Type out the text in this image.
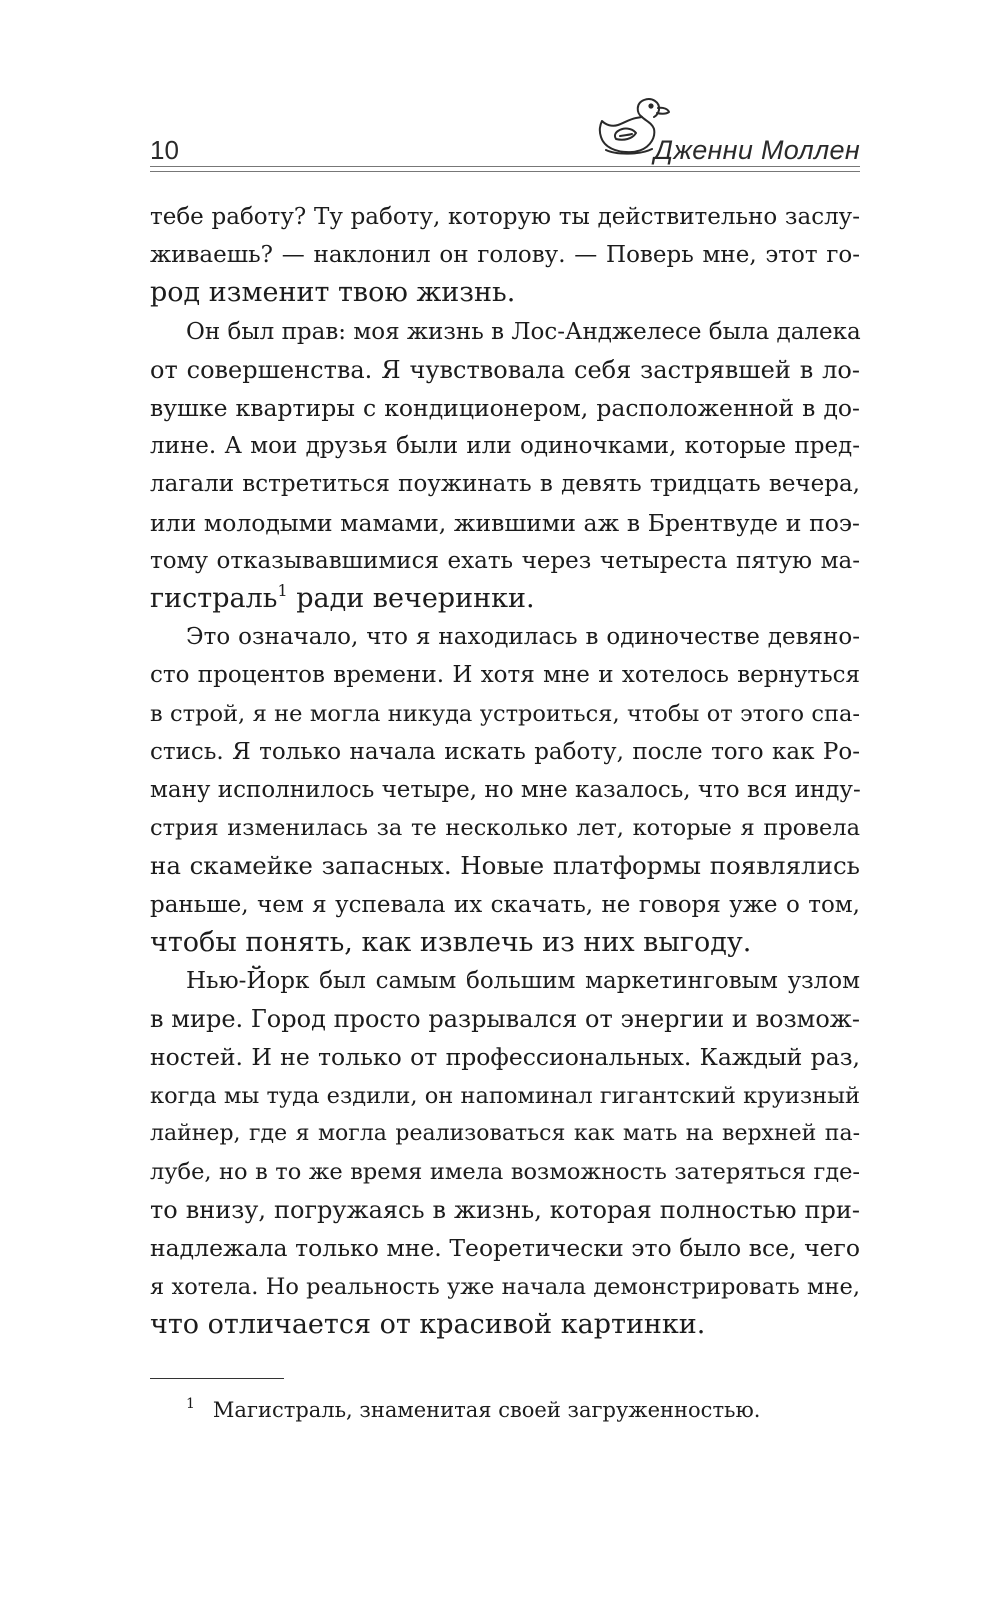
10	Дженни Моллен

тебе работу? Ту работу, которую ты действительно заслу-
живаешь? — наклонил он голову. — Поверь мне, этот го-
род изменит твою жизнь.

Он был прав: моя жизнь в Лос-Анджелесе была далека
от совершенства. Я чувствовала себя застрявшей в ло-
вушке квартиры с кондиционером, расположенной в до-
лине. А мои друзья были или одиночками, которые пред-
лагали встретиться поужинать в девять тридцать вечера,
или молодыми мамами, жившими аж в Брентвуде и поэ-
тому отказывавшимися ехать через четыреста пятую ма-
гистраль$^1$ ради вечеринки.

Это означало, что я находилась в одиночестве девяно-
сто процентов времени. И хотя мне и хотелось вернуться
в строй, я не могла никуда устроиться, чтобы от этого спа-
стись. Я только начала искать работу, после того как Ро-
ману исполнилось четыре, но мне казалось, что вся инду-
стрия изменилась за те несколько лет, которые я провела
на скамейке запасных. Новые платформы появлялись
раньше, чем я успевала их скачать, не говоря уже о том,
чтобы понять, как извлечь из них выгоду.

Нью-Йорк был самым большим маркетинговым узлом
в мире. Город просто разрывался от энергии и возмож-
ностей. И не только от профессиональных. Каждый раз,
когда мы туда ездили, он напоминал гигантский круизный
лайнер, где я могла реализоваться как мать на верхней па-
лубе, но в то же время имела возможность затеряться где-
то внизу, погружаясь в жизнь, которая полностью при-
надлежала только мне. Теоретически это было все, чего
я хотела. Но реальность уже начала демонстрировать мне,
что отличается от красивой картинки.

$^1$ Магистраль, знаменитая своей загруженностью.
